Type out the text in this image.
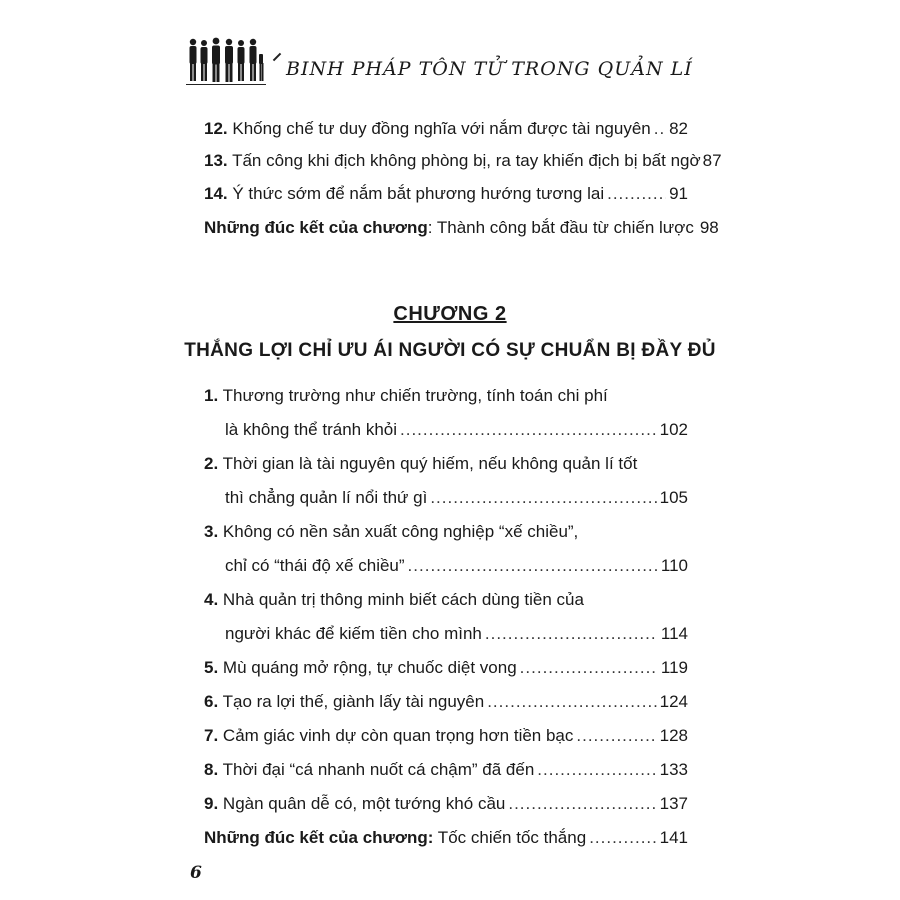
BINH PHÁP TÔN TỬ TRONG QUẢN LÍ
12. Khống chế tư duy đồng nghĩa với nắm được tài nguyên ..... 82
13. Tấn công khi địch không phòng bị, ra tay khiến địch bị bất ngờ 87
14. Ý thức sớm để nắm bắt phương hướng tương lai .....	91
Những đúc kết của chương: Thành công bắt đầu từ chiến lược 98
CHƯƠNG 2
THẮNG LỢI CHỈ ƯU ÁI NGƯỜI CÓ SỰ CHUẨN BỊ ĐẦY ĐỦ
1. Thương trường như chiến trường, tính toán chi phí
là không thể tránh khỏi .....	102
2. Thời gian là tài nguyên quý hiếm, nếu không quản lí tốt
thì chẳng quản lí nổi thứ gì .....	105
3. Không có nền sản xuất công nghiệp “xế chiều”,
chỉ có “thái độ xế chiều” .....	110
4. Nhà quản trị thông minh biết cách dùng tiền của
người khác để kiếm tiền cho mình .....	114
5. Mù quáng mở rộng, tự chuốc diệt vong .....	119
6. Tạo ra lợi thế, giành lấy tài nguyên .....	124
7. Cảm giác vinh dự còn quan trọng hơn tiền bạc .....	128
8. Thời đại “cá nhanh nuốt cá chậm” đã đến .....	133
9. Ngàn quân dễ có, một tướng khó cầu .....	137
Những đúc kết của chương: Tốc chiến tốc thắng .....	141
6
